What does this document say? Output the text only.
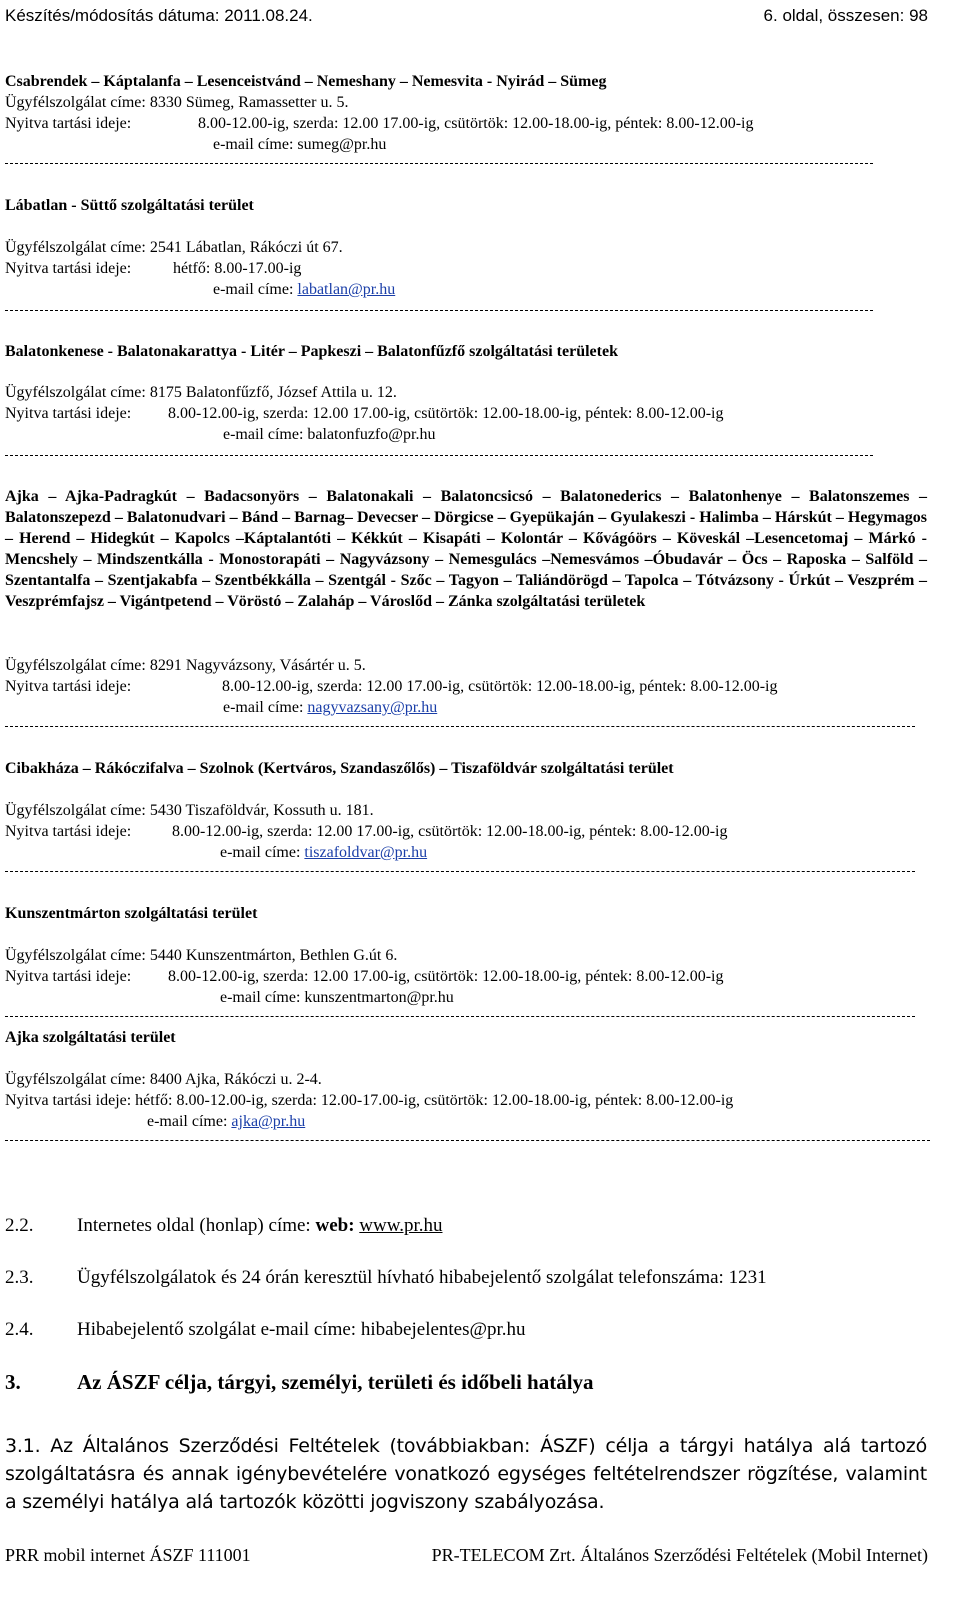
Készítés/módosítás dátuma: 2011.08.24.	6. oldal, összesen: 98
Csabrendek – Káptalanfa – Lesenceistvánd – Nemeshany – Nemesvita - Nyirád – Sümeg
Ügyfélszolgálat címe: 8330 Sümeg, Ramassetter u. 5.
Nyitva tartási ideje:	8.00-12.00-ig, szerda: 12.00 17.00-ig, csütörtök: 12.00-18.00-ig, péntek: 8.00-12.00-ig
e-mail címe: sumeg@pr.hu
Lábatlan - Süttő szolgáltatási terület
Ügyfélszolgálat címe: 2541 Lábatlan, Rákóczi út 67.
Nyitva tartási ideje:	hétfő: 8.00-17.00-ig
e-mail címe: labatlan@pr.hu
Balatonkenese - Balatonakarattya - Litér – Papkeszi – Balatonfűzfő szolgáltatási területek
Ügyfélszolgálat címe: 8175 Balatonfűzfő, József Attila u. 12.
Nyitva tartási ideje: 8.00-12.00-ig, szerda: 12.00 17.00-ig, csütörtök: 12.00-18.00-ig, péntek: 8.00-12.00-ig
e-mail címe: balatonfuzfo@pr.hu
Ajka – Ajka-Padragkút – Badacsonyörs – Balatonakali – Balatoncsicsó – Balatonederics – Balatonhenye – Balatonszemes – Balatonszepezd – Balatonudvari – Bánd – Barnag– Devecser – Dörgicse – Gyepükaján – Gyulakeszi - Halimba – Hárskút – Hegymagos – Herend – Hidegkút – Kapolcs –Káptalantóti – Kékkút – Kisapáti – Kolontár – Kővágóörs – Köveskál –Lesencetomaj – Márkó - Mencshely – Mindszentkálla - Monostorapáti – Nagyvázsony – Nemesgulács –Nemesvámos –Óbudavár – Öcs – Raposka – Salföld – Szentantalfa – Szentjakabfa – Szentbékkálla – Szentgál - Szőc – Tagyon – Taliándörögd – Tapolca – Tótvázsony - Úrkút – Veszprém – Veszprémfajsz – Vigántpetend – Vöröstó – Zalaháp – Városlőd – Zánka szolgáltatási területek
Ügyfélszolgálat címe: 8291 Nagyvázsony, Vásártér u. 5.
Nyitva tartási ideje:	8.00-12.00-ig, szerda: 12.00 17.00-ig, csütörtök: 12.00-18.00-ig, péntek: 8.00-12.00-ig
e-mail címe: nagyvazsany@pr.hu
Cibakháza – Rákóczifalva – Szolnok (Kertváros, Szandaszőlős) – Tiszaföldvár szolgáltatási terület
Ügyfélszolgálat címe: 5430 Tiszaföldvár, Kossuth u. 181.
Nyitva tartási ideje:	8.00-12.00-ig, szerda: 12.00 17.00-ig, csütörtök: 12.00-18.00-ig, péntek: 8.00-12.00-ig
e-mail címe: tiszafoldvar@pr.hu
Kunszentmárton szolgáltatási terület
Ügyfélszolgálat címe: 5440 Kunszentmárton, Bethlen G.út 6.
Nyitva tartási ideje: 8.00-12.00-ig, szerda: 12.00 17.00-ig, csütörtök: 12.00-18.00-ig, péntek: 8.00-12.00-ig
e-mail címe: kunszentmarton@pr.hu
Ajka szolgáltatási terület
Ügyfélszolgálat címe: 8400 Ajka, Rákóczi u. 2-4.
Nyitva tartási ideje: hétfő: 8.00-12.00-ig, szerda: 12.00-17.00-ig, csütörtök: 12.00-18.00-ig, péntek: 8.00-12.00-ig
e-mail címe: ajka@pr.hu
2.2. Internetes oldal (honlap) címe: web: www.pr.hu
2.3. Ügyfélszolgálatok és 24 órán keresztül hívható hibabejelentő szolgálat telefonszáma: 1231
2.4. Hibabejelentő szolgálat e-mail címe: hibabejelentes@pr.hu
3.	Az ÁSZF célja, tárgyi, személyi, területi és időbeli hatálya
3.1. Az Általános Szerződési Feltételek (továbbiakban: ÁSZF) célja a tárgyi hatálya alá tartozó szolgáltatásra és annak igénybevételére vonatkozó egységes feltételrendszer rögzítése, valamint a személyi hatálya alá tartozók közötti jogviszony szabályozása.
PRR mobil internet ÁSZF 111001	PR-TELECOM Zrt. Általános Szerződési Feltételek (Mobil Internet)
